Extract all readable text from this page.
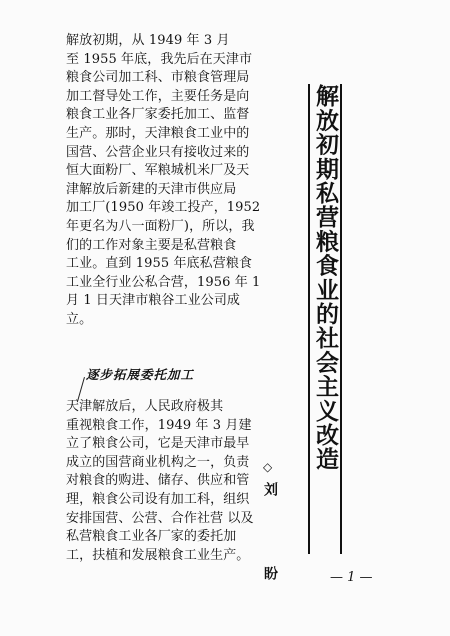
解放初期，从 1949 年 3 月
至 1955 年底，我先后在天津市
粮食公司加工科、市粮食管理局
加工督导处工作，主要任务是向
粮食工业各厂家委托加工、监督
生产。那时，天津粮食工业中的
国营、公营企业只有接收过来的
恒大面粉厂、军粮城机米厂及天
津解放后新建的天津市供应局
加工厂(1950 年竣工投产，1952
年更名为八一面粉厂)，所以，我
们的工作对象主要是私营粮食
工业。直到 1955 年底私营粮食
工业全行业公私合营，1956 年 1
月 1 日天津市粮谷工业公司成
立。
逐步拓展委托加工
天津解放后，人民政府极其
重视粮食工作，1949 年 3 月建
立了粮食公司，它是天津市最早
成立的国营商业机构之一，负责
对粮食的购进、储存、供应和管
理，粮食公司设有加工科，组织
安排国营、公营、合作社营 以及
私营粮食工业各厂家的委托加
工，扶植和发展粮食工业生产。
解放初期私营粮食业的社会主义改造
◇
刘 盼	— 1 —
